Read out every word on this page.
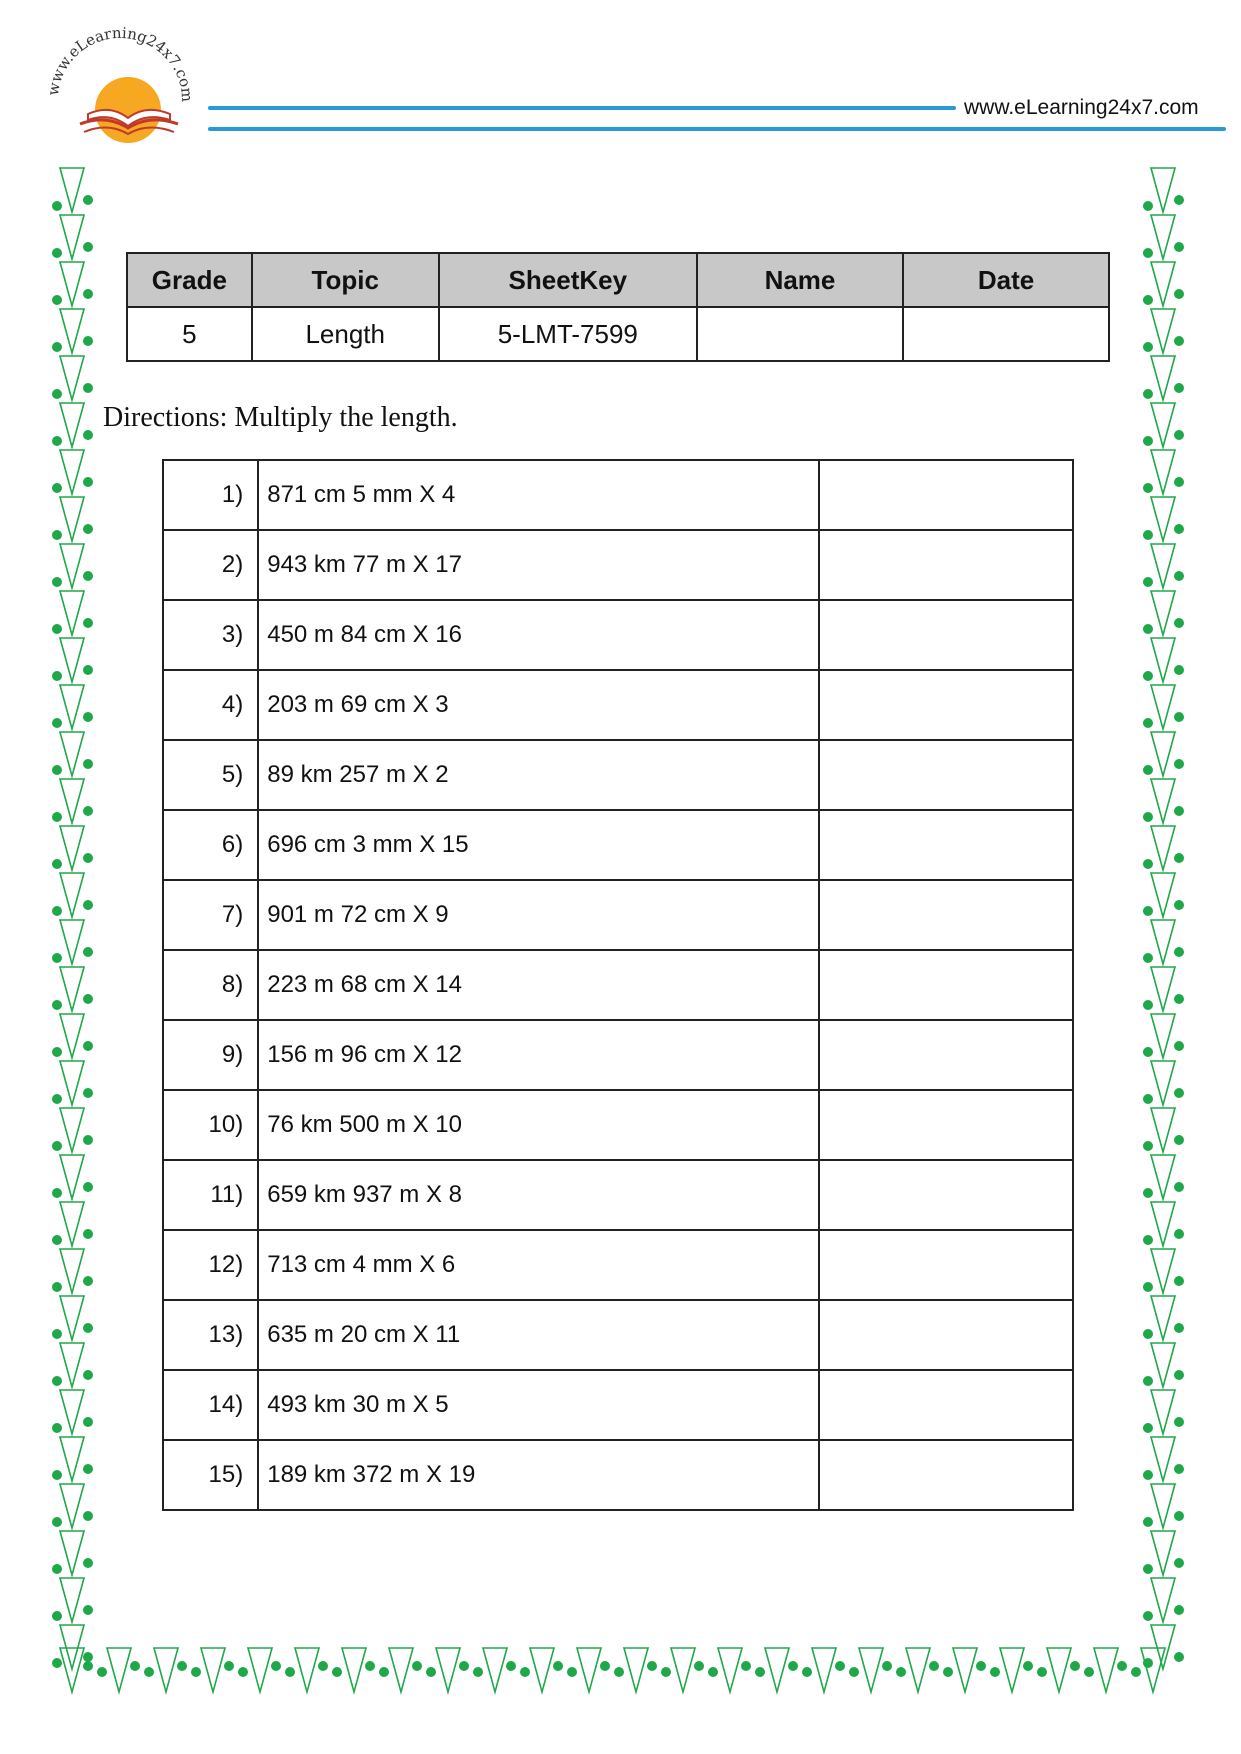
www.eLearning24x7.com
www.eLearning24x7.com
Grade	Topic	SheetKey	Name	Date
5	Length	5-LMT-7599		
Directions: Multiply the length.
1)	871 cm 5 mm X 4	
2)	943 km 77 m X 17	
3)	450 m 84 cm X 16	
4)	203 m 69 cm X 3	
5)	89 km 257 m X 2	
6)	696 cm 3 mm X 15	
7)	901 m 72 cm X 9	
8)	223 m 68 cm X 14	
9)	156 m 96 cm X 12	
10)	76 km 500 m X 10	
11)	659 km 937 m X 8	
12)	713 cm 4 mm X 6	
13)	635 m 20 cm X 11	
14)	493 km 30 m X 5	
15)	189 km 372 m X 19	
